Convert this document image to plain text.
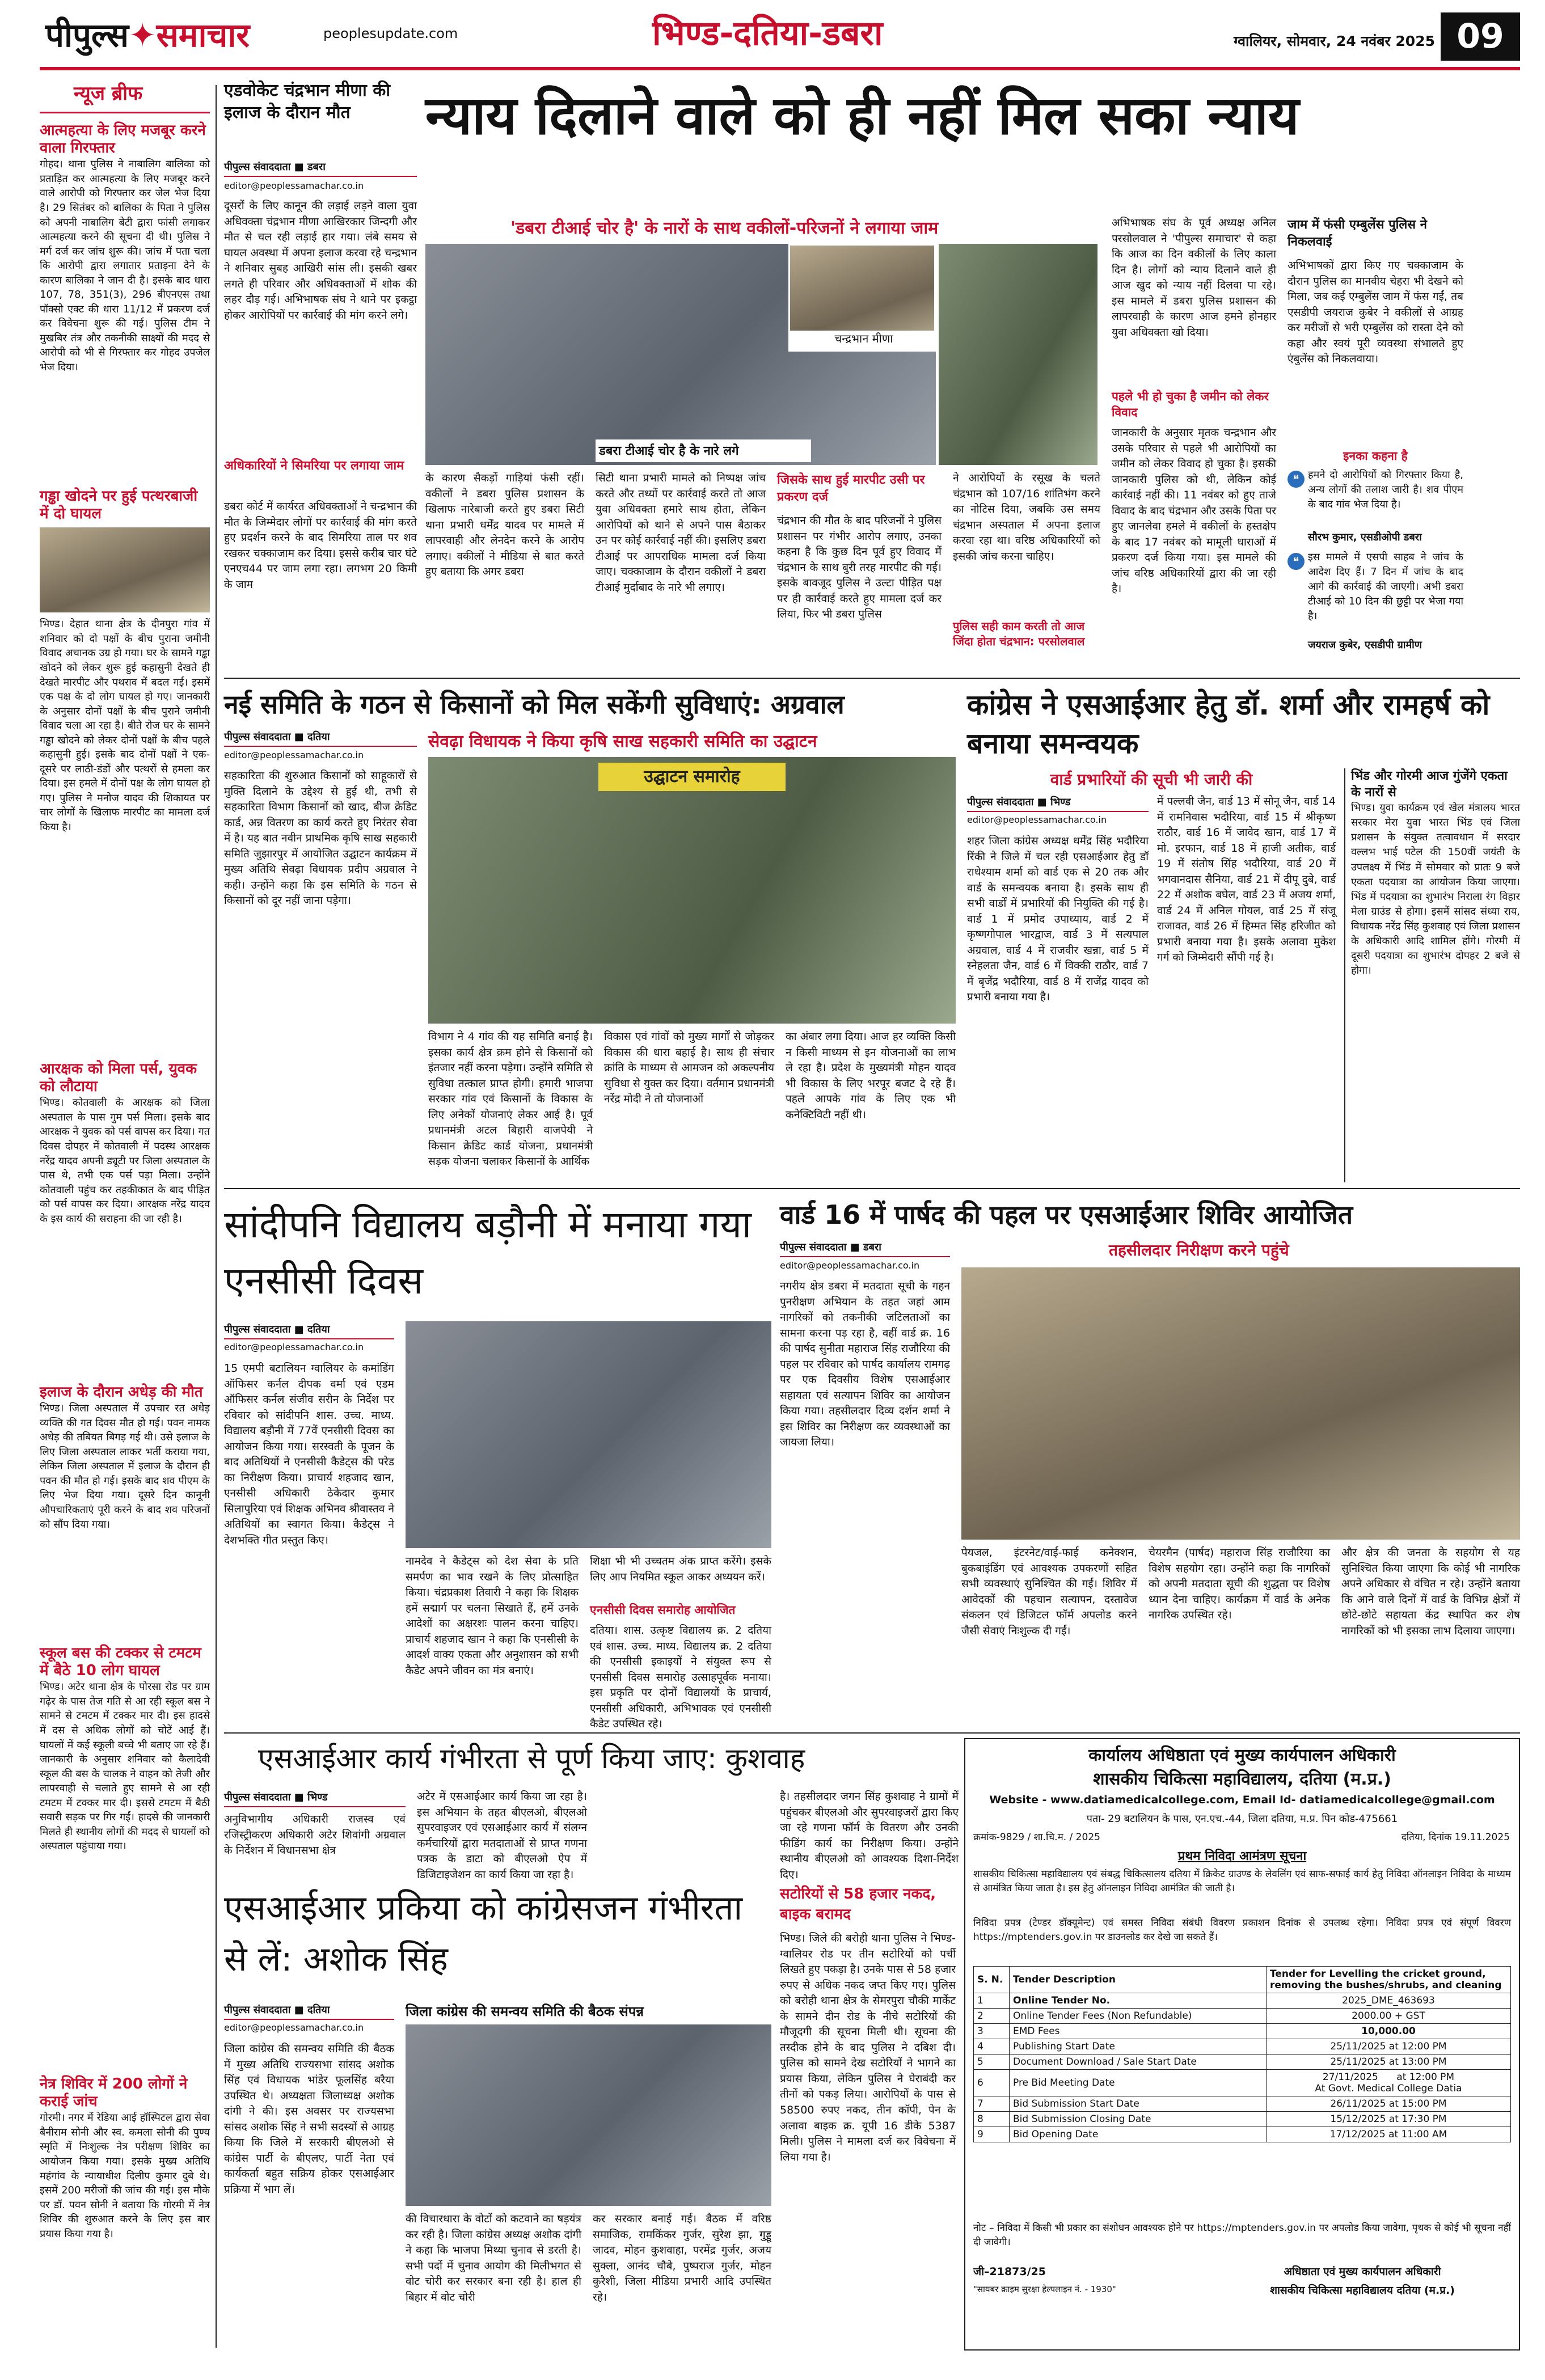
पीपुल्स✦समाचार	peoplesupdate.com	भिण्ड-दतिया-डबरा	ग्वालियर, सोमवार, 24 नवंबर 2025 09
न्यूज ब्रीफ
आत्महत्या के लिए मजबूर करने वाला गिरफ्तार
गोहद। थाना पुलिस ने नाबालिग बालिका को प्रताड़ित कर आत्महत्या के लिए मजबूर करने वाले आरोपी को गिरफ्तार कर जेल भेज दिया है। 29 सितंबर को बालिका के पिता ने पुलिस को अपनी नाबालिग बेटी द्वारा फांसी लगाकर आत्महत्या करने की सूचना दी थी। पुलिस ने मर्ग दर्ज कर जांच शुरू की। जांच में पता चला कि आरोपी द्वारा लगातार प्रताड़ना देने के कारण बालिका ने जान दी है। इसके बाद धारा 107, 78, 351(3), 296 बीएनएस तथा पॉक्सो एक्ट की धारा 11/12 में प्रकरण दर्ज कर विवेचना शुरू की गई। पुलिस टीम ने मुखबिर तंत्र और तकनीकी साक्ष्यों की मदद से आरोपी को भी से गिरफ्तार कर गोहद उपजेल भेज दिया।
गड्ढा खोदने पर हुई पत्थरबाजी में दो घायल
भिण्ड। देहात थाना क्षेत्र के दीनपुरा गांव में शनिवार को दो पक्षों के बीच पुराना जमीनी विवाद अचानक उग्र हो गया। घर के सामने गड्ढा खोदने को लेकर शुरू हुई कहासुनी देखते ही देखते मारपीट और पथराव में बदल गई। इसमें एक पक्ष के दो लोग घायल हो गए। जानकारी के अनुसार दोनों पक्षों के बीच पुराने जमीनी विवाद चला आ रहा है। बीते रोज घर के सामने गड्ढा खोदने को लेकर दोनों पक्षों के बीच पहले कहासुनी हुई। इसके बाद दोनों पक्षों ने एक-दूसरे पर लाठी-डंडों और पत्थरों से हमला कर दिया। इस हमले में दोनों पक्ष के लोग घायल हो गए। पुलिस ने मनोज यादव की शिकायत पर चार लोगों के खिलाफ मारपीट का मामला दर्ज किया है।
आरक्षक को मिला पर्स, युवक को लौटाया
भिण्ड। कोतवाली के आरक्षक को जिला अस्पताल के पास गुम पर्स मिला। इसके बाद आरक्षक ने युवक को पर्स वापस कर दिया। गत दिवस दोपहर में कोतवाली में पदस्थ आरक्षक नरेंद्र यादव अपनी ड्यूटी पर जिला अस्पताल के पास थे, तभी एक पर्स पड़ा मिला। उन्होंने कोतवाली पहुंच कर तहकीकात के बाद पीड़ित को पर्स वापस कर दिया। आरक्षक नरेंद्र यादव के इस कार्य की सराहना की जा रही है।
इलाज के दौरान अधेड़ की मौत
भिण्ड। जिला अस्पताल में उपचार रत अधेड़ व्यक्ति की गत दिवस मौत हो गई। पवन नामक अधेड़ की तबियत बिगड़ गई थी। उसे इलाज के लिए जिला अस्पताल लाकर भर्ती कराया गया, लेकिन जिला अस्पताल में इलाज के दौरान ही पवन की मौत हो गई। इसके बाद शव पीएम के लिए भेज दिया गया। दूसरे दिन कानूनी औपचारिकताएं पूरी करने के बाद शव परिजनों को सौंप दिया गया।
स्कूल बस की टक्कर से टमटम में बैठे 10 लोग घायल
भिण्ड। अटेर थाना क्षेत्र के पोरसा रोड पर ग्राम गढ़ेर के पास तेज गति से आ रही स्कूल बस ने सामने से टमटम में टक्कर मार दी। इस हादसे में दस से अधिक लोगों को चोटें आईं हैं। घायलों में कई स्कूली बच्चे भी बताए जा रहे हैं। जानकारी के अनुसार शनिवार को कैलादेवी स्कूल की बस के चालक ने वाहन को तेजी और लापरवाही से चलाते हुए सामने से आ रही टमटम में टक्कर मार दी। इससे टमटम में बैठी सवारी सड़क पर गिर गईं। हादसे की जानकारी मिलते ही स्थानीय लोगों की मदद से घायलों को अस्पताल पहुंचाया गया।
नेत्र शिविर में 200 लोगों ने कराई जांच
गोरमी। नगर में रेडिया आई हॉस्पिटल द्वारा सेवा बैनीराम सोनी और स्व. कमला सोनी की पुण्य स्मृति में निःशुल्क नेत्र परीक्षण शिविर का आयोजन किया गया। इसके मुख्य अतिथि महंगांव के न्यायाधीश दिलीप कुमार दुबे थे। इसमें 200 मरीजों की जांच की गई। इस मौके पर डॉ. पवन सोनी ने बताया कि गोरमी में नेत्र शिविर की शुरुआत करने के लिए इस बार प्रयास किया गया है।
एडवोकेट चंद्रभान मीणा की इलाज के दौरान मौत
पीपुल्स संवाददाता ■ डबरा
editor@peoplessamachar.co.in
दूसरों के लिए कानून की लड़ाई लड़ने वाला युवा अधिवक्ता चंद्रभान मीणा आखिरकार जिन्दगी और मौत से चल रही लड़ाई हार गया। लंबे समय से घायल अवस्था में अपना इलाज करवा रहे चन्द्रभान ने शनिवार सुबह आखिरी सांस ली। इसकी खबर लगते ही परिवार और अधिवक्ताओं में शोक की लहर दौड़ गई। अभिभाषक संघ ने थाने पर इकट्ठा होकर आरोपियों पर कार्रवाई की मांग करने लगे।
अधिकारियों ने सिमरिया पर लगाया जाम
डबरा कोर्ट में कार्यरत अधिवक्ताओं ने चन्द्रभान की मौत के जिम्मेदार लोगों पर कार्रवाई की मांग करते हुए प्रदर्शन करने के बाद सिमरिया ताल पर शव रखकर चक्काजाम कर दिया। इससे करीब चार घंटे एनएच44 पर जाम लगा रहा। लगभग 20 किमी के जाम
न्याय दिलाने वाले को ही नहीं मिल सका न्याय
'डबरा टीआई चोर है' के नारों के साथ वकीलों-परिजनों ने लगाया जाम
डबरा टीआई चोर है के नारे लगे
चन्द्रभान मीणा
के कारण सैकड़ों गाड़ियां फंसी रहीं। वकीलों ने डबरा पुलिस प्रशासन के खिलाफ नारेबाजी करते हुए डबरा सिटी थाना प्रभारी धर्मेंद्र यादव पर मामले में लापरवाही और लेनदेन करने के आरोप लगाए। वकीलों ने मीडिया से बात करते हुए बताया कि अगर डबरा
सिटी थाना प्रभारी मामले को निष्पक्ष जांच करते और तथ्यों पर कार्रवाई करते तो आज युवा अधिवक्ता हमारे साथ होता, लेकिन आरोपियों को थाने से अपने पास बैठाकर उन पर कोई कार्रवाई नहीं की। इसलिए डबरा टीआई पर आपराधिक मामला दर्ज किया जाए। चक्काजाम के दौरान वकीलों ने डबरा टीआई मुर्दाबाद के नारे भी लगाए।
जिसके साथ हुई मारपीट उसी पर प्रकरण दर्ज
चंद्रभान की मौत के बाद परिजनों ने पुलिस प्रशासन पर गंभीर आरोप लगाए, उनका कहना है कि कुछ दिन पूर्व हुए विवाद में चंद्रभान के साथ बुरी तरह मारपीट की गई। इसके बावजूद पुलिस ने उल्टा पीड़ित पक्ष पर ही कार्रवाई करते हुए मामला दर्ज कर लिया, फिर भी डबरा पुलिस
ने आरोपियों के रसूख के चलते चंद्रभान को 107/16 शांतिभंग करने का नोटिस दिया, जबकि उस समय चंद्रभान अस्पताल में अपना इलाज करवा रहा था। वरिष्ठ अधिकारियों को इसकी जांच करना चाहिए।
पुलिस सही काम करती तो आज जिंदा होता चंद्रभान: परसोलवाल
अभिभाषक संघ के पूर्व अध्यक्ष अनिल परसोलवाल ने 'पीपुल्स समाचार' से कहा कि आज का दिन वकीलों के लिए काला दिन है। लोगों को न्याय दिलाने वाले ही आज खुद को न्याय नहीं दिलवा पा रहे। इस मामले में डबरा पुलिस प्रशासन की लापरवाही के कारण आज हमने होनहार युवा अधिवक्ता खो दिया।
पहले भी हो चुका है जमीन को लेकर विवाद
जानकारी के अनुसार मृतक चन्द्रभान और उसके परिवार से पहले भी आरोपियों का जमीन को लेकर विवाद हो चुका है। इसकी जानकारी पुलिस को थी, लेकिन कोई कार्रवाई नहीं की। 11 नवंबर को हुए ताजे विवाद के बाद चंद्रभान और उसके पिता पर हुए जानलेवा हमले में वकीलों के हस्तक्षेप के बाद 17 नवंबर को मामूली धाराओं में प्रकरण दर्ज किया गया। इस मामले की जांच वरिष्ठ अधिकारियों द्वारा की जा रही है।
जाम में फंसी एम्बुलेंस पुलिस ने निकलवाई
अभिभाषकों द्वारा किए गए चक्काजाम के दौरान पुलिस का मानवीय चेहरा भी देखने को मिला, जब कई एम्बुलेंस जाम में फंस गईं, तब एसडीपी जयराज कुबेर ने वकीलों से आग्रह कर मरीजों से भरी एम्बुलेंस को रास्ता देने को कहा और स्वयं पूरी व्यवस्था संभालते हुए एंबुलेंस को निकलवाया।
इनका कहना है
❝ हमने दो आरोपियों को गिरफ्तार किया है, अन्य लोगों की तलाश जारी है। शव पीएम के बाद गांव भेज दिया है।
सौरभ कुमार, एसडीओपी डबरा
❝ इस मामले में एसपी साहब ने जांच के आदेश दिए हैं। 7 दिन में जांच के बाद आगे की कार्रवाई की जाएगी। अभी डबरा टीआई को 10 दिन की छुट्टी पर भेजा गया है।
जयराज कुबेर, एसडीपी ग्रामीण
नई समिति के गठन से किसानों को मिल सकेंगी सुविधाएं: अग्रवाल
सेवढ़ा विधायक ने किया कृषि साख सहकारी समिति का उद्घाटन
पीपुल्स संवाददाता ■ दतिया
editor@peoplessamachar.co.in
सहकारिता की शुरुआत किसानों को साहूकारों से मुक्ति दिलाने के उद्देश्य से हुई थी, तभी से सहकारिता विभाग किसानों को खाद, बीज क्रेडिट कार्ड, अन्न वितरण का कार्य करते हुए निरंतर सेवा में है। यह बात नवीन प्राथमिक कृषि साख सहकारी समिति जुझारपुर में आयोजित उद्घाटन कार्यक्रम में मुख्य अतिथि सेवढ़ा विधायक प्रदीप अग्रवाल ने कही। उन्होंने कहा कि इस समिति के गठन से किसानों को दूर नहीं जाना पड़ेगा।
उद्घाटन समारोह
विभाग ने 4 गांव की यह समिति बनाई है। इसका कार्य क्षेत्र क्रम होने से किसानों को इंतजार नहीं करना पड़ेगा। उन्होंने समिति से सुविधा तत्काल प्राप्त होगी। हमारी भाजपा सरकार गांव एवं किसानों के विकास के लिए अनेकों योजनाएं लेकर आई है। पूर्व प्रधानमंत्री अटल बिहारी वाजपेयी ने किसान क्रेडिट कार्ड योजना, प्रधानमंत्री सड़क योजना चलाकर किसानों के आर्थिक
विकास एवं गांवों को मुख्य मार्गों से जोड़कर विकास की धारा बहाई है। साथ ही संचार क्रांति के माध्यम से आमजन को अकल्पनीय सुविधा से युक्त कर दिया। वर्तमान प्रधानमंत्री नरेंद्र मोदी ने तो योजनाओं
का अंबार लगा दिया। आज हर व्यक्ति किसी न किसी माध्यम से इन योजनाओं का लाभ ले रहा है। प्रदेश के मुख्यमंत्री मोहन यादव भी विकास के लिए भरपूर बजट दे रहे हैं। पहले आपके गांव के लिए एक भी कनेक्टिविटी नहीं थी।
कांग्रेस ने एसआईआर हेतु डॉ. शर्मा और रामहर्ष को बनाया समन्वयक
वार्ड प्रभारियों की सूची भी जारी की
पीपुल्स संवाददाता ■ भिण्ड
editor@peoplessamachar.co.in
शहर जिला कांग्रेस अध्यक्ष धर्मेंद्र सिंह भदौरिया रिंकी ने जिले में चल रही एसआईआर हेतु डॉ राधेश्याम शर्मा को वार्ड एक से 20 तक और वार्ड के समन्वयक बनाया है। इसके साथ ही सभी वार्डों में प्रभारियों की नियुक्ति की गई है। वार्ड 1 में प्रमोद उपाध्याय, वार्ड 2 में कृष्णगोपाल भारद्वाज, वार्ड 3 में सत्यपाल अग्रवाल, वार्ड 4 में राजवीर खन्ना, वार्ड 5 में स्नेहलता जैन, वार्ड 6 में विक्की राठौर, वार्ड 7 में बृजेंद्र भदौरिया, वार्ड 8 में राजेंद्र यादव को प्रभारी बनाया गया है।
में पल्लवी जैन, वार्ड 13 में सोनू जैन, वार्ड 14 में रामनिवास भदौरिया, वार्ड 15 में श्रीकृष्ण राठौर, वार्ड 16 में जावेद खान, वार्ड 17 में मो. इरफान, वार्ड 18 में हाजी अतीक, वार्ड 19 में संतोष सिंह भदौरिया, वार्ड 20 में भगवानदास सैनिया, वार्ड 21 में दीपू दुबे, वार्ड 22 में अशोक बघेल, वार्ड 23 में अजय शर्मा, वार्ड 24 में अनिल गोयल, वार्ड 25 में संजू राजावत, वार्ड 26 में हिम्मत सिंह हरिजीत को प्रभारी बनाया गया है। इसके अलावा मुकेश गर्ग को जिम्मेदारी सौंपी गई है।
भिंड और गोरमी आज गुंजेंगे एकता के नारों से
भिण्ड। युवा कार्यक्रम एवं खेल मंत्रालय भारत सरकार मेरा युवा भारत भिंड एवं जिला प्रशासन के संयुक्त तत्वावधान में सरदार वल्लभ भाई पटेल की 150वीं जयंती के उपलक्ष्य में भिंड में सोमवार को प्रातः 9 बजे एकता पदयात्रा का आयोजन किया जाएगा। भिंड में पदयात्रा का शुभारंभ निराला रंग विहार मेला ग्राउंड से होगा। इसमें सांसद संध्या राय, विधायक नरेंद्र सिंह कुशवाह एवं जिला प्रशासन के अधिकारी आदि शामिल होंगे। गोरमी में दूसरी पदयात्रा का शुभारंभ दोपहर 2 बजे से होगा।
सांदीपनि विद्यालय बड़ौनी में मनाया गया एनसीसी दिवस
पीपुल्स संवाददाता ■ दतिया
editor@peoplessamachar.co.in
15 एमपी बटालियन ग्वालियर के कमांडिंग ऑफिसर कर्नल दीपक वर्मा एवं एडम ऑफिसर कर्नल संजीव सरीन के निर्देश पर रविवार को सांदीपनि शास. उच्च. माध्य. विद्यालय बड़ौनी में 77वें एनसीसी दिवस का आयोजन किया गया। सरस्वती के पूजन के बाद अतिथियों ने एनसीसी कैडेट्स की परेड का निरीक्षण किया। प्राचार्य शहजाद खान, एनसीसी अधिकारी ठेकेदार कुमार सिलापुरिया एवं शिक्षक अभिनव श्रीवास्तव ने अतिथियों का स्वागत किया। कैडेट्स ने देशभक्ति गीत प्रस्तुत किए।
नामदेव ने कैडेट्स को देश सेवा के प्रति समर्पण का भाव रखने के लिए प्रोत्साहित किया। चंद्रप्रकाश तिवारी ने कहा कि शिक्षक हमें सद्मार्ग पर चलना सिखाते हैं, हमें उनके आदेशों का अक्षरशः पालन करना चाहिए। प्राचार्य शहजाद खान ने कहा कि एनसीसी के आदर्श वाक्य एकता और अनुशासन को सभी कैडेट अपने जीवन का मंत्र बनाएं।
शिक्षा भी भी उच्चतम अंक प्राप्त करेंगे। इसके लिए आप नियमित स्कूल आकर अध्ययन करें।
एनसीसी दिवस समारोह आयोजित
दतिया। शास. उत्कृष्ट विद्यालय क्र. 2 दतिया एवं शास. उच्च. माध्य. विद्यालय क्र. 2 दतिया की एनसीसी इकाइयों ने संयुक्त रूप से एनसीसी दिवस समारोह उत्साहपूर्वक मनाया। इस प्रकृति पर दोनों विद्यालयों के प्राचार्य, एनसीसी अधिकारी, अभिभावक एवं एनसीसी कैडेट उपस्थित रहे।
वार्ड 16 में पार्षद की पहल पर एसआईआर शिविर आयोजित
तहसीलदार निरीक्षण करने पहुंचे
पीपुल्स संवाददाता ■ डबरा
editor@peoplessamachar.co.in
नगरीय क्षेत्र डबरा में मतदाता सूची के गहन पुनरीक्षण अभियान के तहत जहां आम नागरिकों को तकनीकी जटिलताओं का सामना करना पड़ रहा है, वहीं वार्ड क्र. 16 की पार्षद सुनीता महाराज सिंह राजौरिया की पहल पर रविवार को पार्षद कार्यालय रामगढ़ पर एक दिवसीय विशेष एसआईआर सहायता एवं सत्यापन शिविर का आयोजन किया गया। तहसीलदार दिव्य दर्शन शर्मा ने इस शिविर का निरीक्षण कर व्यवस्थाओं का जायजा लिया।
पेयजल, इंटरनेट/वाई-फाई कनेक्शन, बुकबाइंडिंग एवं आवश्यक उपकरणों सहित सभी व्यवस्थाएं सुनिश्चित की गईं। शिविर में आवेदकों की पहचान सत्यापन, दस्तावेज संकलन एवं डिजिटल फॉर्म अपलोड करने जैसी सेवाएं निःशुल्क दी गईं।
चेयरमैन (पार्षद) महाराज सिंह राजौरिया का विशेष सहयोग रहा। उन्होंने कहा कि नागरिकों को अपनी मतदाता सूची की शुद्धता पर विशेष ध्यान देना चाहिए। कार्यक्रम में वार्ड के अनेक नागरिक उपस्थित रहे।
और क्षेत्र की जनता के सहयोग से यह सुनिश्चित किया जाएगा कि कोई भी नागरिक अपने अधिकार से वंचित न रहे। उन्होंने बताया कि आने वाले दिनों में वार्ड के विभिन्न क्षेत्रों में छोटे-छोटे सहायता केंद्र स्थापित कर शेष नागरिकों को भी इसका लाभ दिलाया जाएगा।
एसआईआर कार्य गंभीरता से पूर्ण किया जाए: कुशवाह
पीपुल्स संवाददाता ■ भिण्ड
अनुविभागीय अधिकारी राजस्व एवं रजिस्ट्रीकरण अधिकारी अटेर शिवांगी अग्रवाल के निर्देशन में विधानसभा क्षेत्र
अटेर में एसआईआर कार्य किया जा रहा है। इस अभियान के तहत बीएलओ, बीएलओ सुपरवाइजर एवं एसआईआर कार्य में संलग्न कर्मचारियों द्वारा मतदाताओं से प्राप्त गणना पत्रक के डाटा को बीएलओ ऐप में डिजिटाइजेशन का कार्य किया जा रहा है।
है। तहसीलदार जगन सिंह कुशवाह ने ग्रामों में पहुंचकर बीएलओ और सुपरवाइजरों द्वारा किए जा रहे गणना फॉर्म के वितरण और उनकी फीडिंग कार्य का निरीक्षण किया। उन्होंने स्थानीय बीएलओ को आवश्यक दिशा-निर्देश दिए।
एसआईआर प्रकिया को कांग्रेसजन गंभीरता से लें: अशोक सिंह
पीपुल्स संवाददाता ■ दतिया
editor@peoplessamachar.co.in
जिला कांग्रेस की समन्वय समिति की बैठक में मुख्य अतिथि राज्यसभा सांसद अशोक सिंह एवं विधायक भांडेर फूलसिंह बरैया उपस्थित थे। अध्यक्षता जिलाध्यक्ष अशोक दांगी ने की। इस अवसर पर राज्यसभा सांसद अशोक सिंह ने सभी सदस्यों से आग्रह किया कि जिले में सरकारी बीएलओ से कांग्रेस पार्टी के बीएलए, पार्टी नेता एवं कार्यकर्ता बहुत सक्रिय होकर एसआईआर प्रक्रिया में भाग लें।
जिला कांग्रेस की समन्वय समिति की बैठक संपन्न
की विचारधारा के वोटों को कटवाने का षड़यंत्र कर रही है। जिला कांग्रेस अध्यक्ष अशोक दांगी ने कहा कि भाजपा मिथ्या चुनाव से डरती है। सभी पदों में चुनाव आयोग की मिलीभगत से वोट चोरी कर सरकार बना रही है। हाल ही बिहार में वोट चोरी
कर सरकार बनाई गई। बैठक में वरिष्ठ समाजिक, रामकिंकर गुर्जर, सुरेश झा, गुड्डू जादव, मोहन कुशवाहा, परमेंद्र गुर्जर, अजय सुक्ला, आनंद चौबे, पुष्पराज गुर्जर, मोहन कुरैशी, जिला मीडिया प्रभारी आदि उपस्थित रहे।
सटोरियों से 58 हजार नकद, बाइक बरामद
भिण्ड। जिले की बरोही थाना पुलिस ने भिण्ड-ग्वालियर रोड पर तीन सटोरियों को पर्ची लिखते हुए पकड़ा है। उनके पास से 58 हजार रुपए से अधिक नकद जप्त किए गए। पुलिस को बरोही थाना क्षेत्र के सेमरपुरा चौकी मार्केट के सामने दीन रोड के नीचे सटोरियों की मौजूदगी की सूचना मिली थी। सूचना की तस्दीक होने के बाद पुलिस ने दबिश दी। पुलिस को सामने देख सटोरियों ने भागने का प्रयास किया, लेकिन पुलिस ने घेराबंदी कर तीनों को पकड़ लिया। आरोपियों के पास से 58500 रुपए नकद, तीन कॉपी, पेन के अलावा बाइक क्र. यूपी 16 डीके 5387 मिली। पुलिस ने मामला दर्ज कर विवेचना में लिया गया है।
कार्यालय अधिष्ठाता एवं मुख्य कार्यपालन अधिकारी
शासकीय चिकित्सा महाविद्यालय, दतिया (म.प्र.)
Website - www.datiamedicalcollege.com, Email Id- datiamedicalcollege@gmail.com
पता- 29 बटालियन के पास, एन.एच.-44, जिला दतिया, म.प्र. पिन कोड-475661
क्रमांक-9829 / शा.चि.म. / 2025	दतिया, दिनांक 19.11.2025
प्रथम निविदा आमंत्रण सूचना
शासकीय चिकित्सा महाविद्यालय एवं संबद्ध चिकित्सालय दतिया में क्रिकेट ग्राउण्ड के लेवलिंग एवं साफ-सफाई कार्य हेतु निविदा ऑनलाइन निविदा के माध्यम से आमंत्रित किया जाता है। इस हेतु ऑनलाइन निविदा आमंत्रित की जाती है।
निविदा प्रपत्र (टेण्डर डॉक्यूमेन्ट) एवं समस्त निविदा संबंधी विवरण प्रकाशन दिनांक से उपलब्ध रहेगा। निविदा प्रपत्र एवं संपूर्ण विवरण https://mptenders.gov.in पर डाउनलोड कर देखे जा सकते हैं।
S. N.	Tender Description	Tender for Levelling the cricket ground, removing the bushes/shrubs, and cleaning
1	Online Tender No.	2025_DME_463693
2	Online Tender Fees (Non Refundable)	2000.00 + GST
3	EMD Fees	10,000.00
4	Publishing Start Date	25/11/2025 at 12:00 PM
5	Document Download / Sale Start Date	25/11/2025 at 13:00 PM
6	Pre Bid Meeting Date	27/11/2025      at 12:00 PM
At Govt. Medical College Datia
7	Bid Submission Start Date	26/11/2025 at 15:00 PM
8	Bid Submission Closing Date	15/12/2025 at 17:30 PM
9	Bid Opening Date	17/12/2025 at 11:00 AM
नोट – निविदा में किसी भी प्रकार का संशोधन आवश्यक होने पर https://mptenders.gov.in पर अपलोड किया जावेगा, पृथक से कोई भी सूचना नहीं दी जावेगी।
जी–21873/25
"सायबर क्राइम सुरक्षा हेल्पलाइन नं. - 1930"
अधिष्ठाता एवं मुख्य कार्यपालन अधिकारी
शासकीय चिकित्सा महाविद्यालय दतिया (म.प्र.)
